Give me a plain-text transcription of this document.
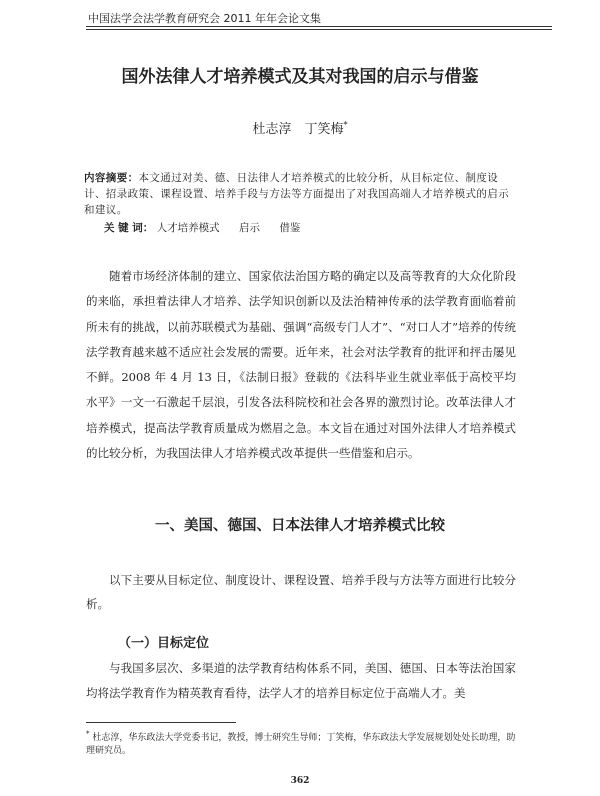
中国法学会法学教育研究会 2011 年年会论文集
国外法律人才培养模式及其对我国的启示与借鉴
杜志淳　丁笑梅*
内容摘要：本文通过对美、德、日法律人才培养模式的比较分析，从目标定位、制度设计、招录政策、课程设置、培养手段与方法等方面提出了对我国高端人才培养模式的启示和建议。
关 键 词： 人才培养模式 启示 借鉴
随着市场经济体制的建立、国家依法治国方略的确定以及高等教育的大众化阶段的来临，承担着法律人才培养、法学知识创新以及法治精神传承的法学教育面临着前所未有的挑战，以前苏联模式为基础、强调“高级专门人才”、“对口人才”培养的传统法学教育越来越不适应社会发展的需要。近年来，社会对法学教育的批评和抨击屡见不鲜。2008 年 4 月 13 日，《法制日报》登载的《法科毕业生就业率低于高校平均水平》一文一石激起千层浪，引发各法科院校和社会各界的激烈讨论。改革法律人才培养模式，提高法学教育质量成为燃眉之急。本文旨在通过对国外法律人才培养模式的比较分析，为我国法律人才培养模式改革提供一些借鉴和启示。
一、美国、德国、日本法律人才培养模式比较
以下主要从目标定位、制度设计、课程设置、培养手段与方法等方面进行比较分析。
（一）目标定位
与我国多层次、多渠道的法学教育结构体系不同，美国、德国、日本等法治国家均将法学教育作为精英教育看待，法学人才的培养目标定位于高端人才。美
* 杜志淳，华东政法大学党委书记，教授，博士研究生导师；丁笑梅，华东政法大学发展规划处处长助理，助理研究员。
362
